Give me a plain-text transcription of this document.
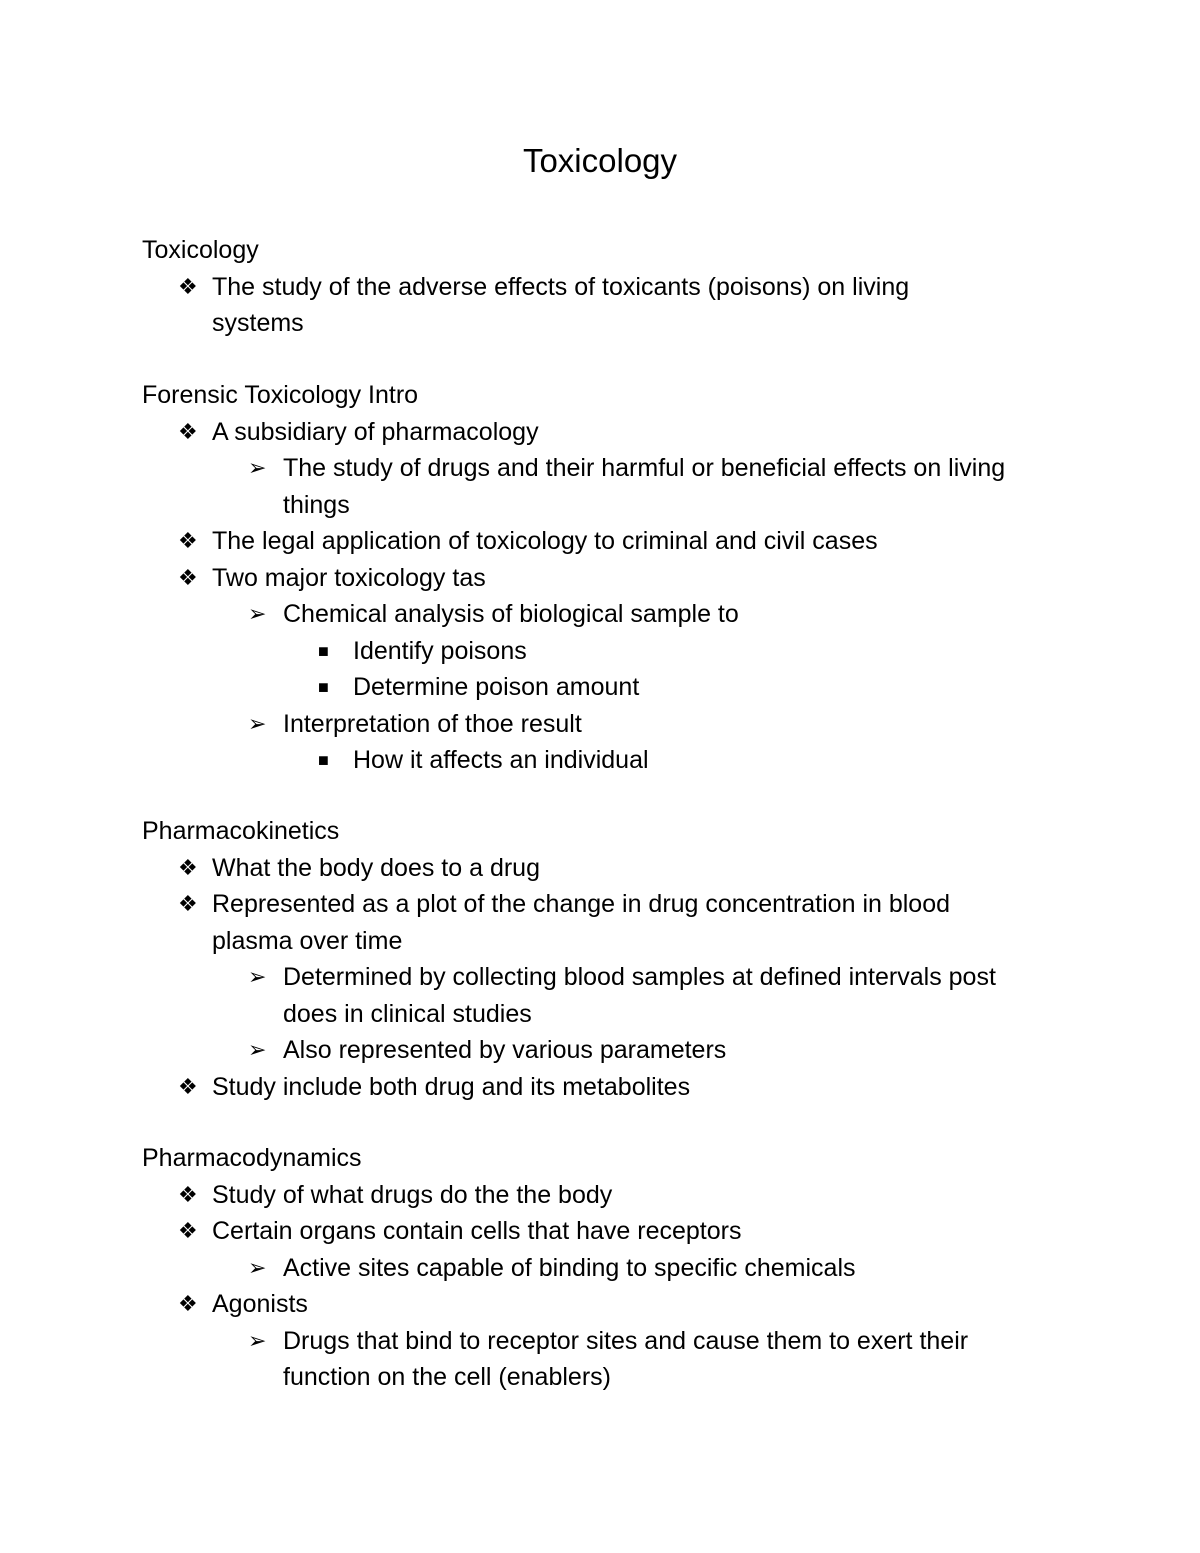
Toxicology
Toxicology
❖ The study of the adverse effects of toxicants (poisons) on living systems
Forensic Toxicology Intro
❖ A subsidiary of pharmacology
➢ The study of drugs and their harmful or beneficial effects on living things
❖ The legal application of toxicology to criminal and civil cases
❖ Two major toxicology tas
➢ Chemical analysis of biological sample to
■ Identify poisons
■ Determine poison amount
➢ Interpretation of thoe result
■ How it affects an individual
Pharmacokinetics
❖ What the body does to a drug
❖ Represented as a plot of the change in drug concentration in blood plasma over time
➢ Determined by collecting blood samples at defined intervals post does in clinical studies
➢ Also represented by various parameters
❖ Study include both drug and its metabolites
Pharmacodynamics
❖ Study of what drugs do the the body
❖ Certain organs contain cells that have receptors
➢ Active sites capable of binding to specific chemicals
❖ Agonists
➢ Drugs that bind to receptor sites and cause them to exert their function on the cell (enablers)
